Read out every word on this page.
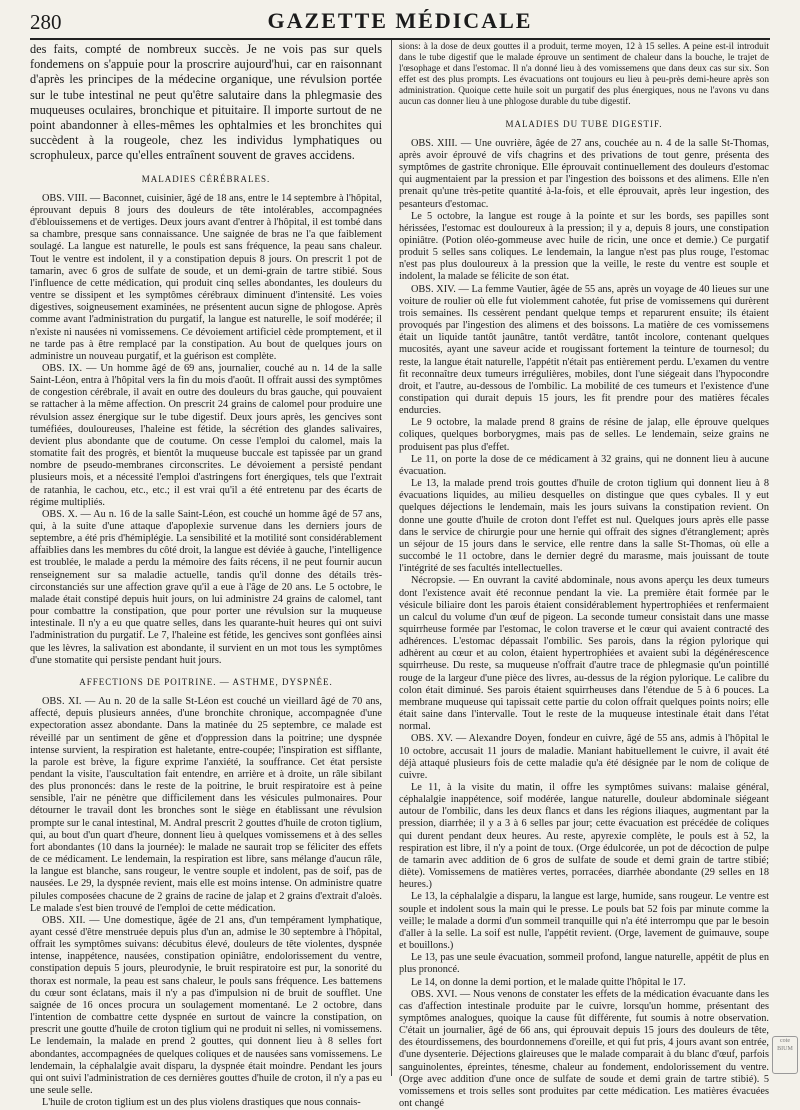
280	GAZETTE MÉDICALE

des faits, compté de nombreux succès. Je ne vois pas sur quels fondemens on s'appuie pour la proscrire aujourd'hui, car en raisonnant d'après les principes de la médecine organique, une révulsion portée sur le tube intestinal ne peut qu'être salutaire dans la phlegmasie des muqueuses oculaires, bronchique et pituitaire. Il importe surtout de ne point abandonner à elles-mêmes les ophtalmies et les bronchites qui succèdent à la rougeole, chez les individus lymphatiques ou scrophuleux, parce qu'elles entraînent souvent de graves accidens.

MALADIES CÉRÉBRALES.

OBS. VIII. — Baconnet, cuisinier, âgé de 18 ans, entre le 14 septembre à l'hôpital, éprouvant depuis 8 jours des douleurs de tête intolérables, accompagnées d'éblouissemens et de vertiges. Deux jours avant d'entrer à l'hôpital, il est tombé dans sa chambre, presque sans connaissance. Une saignée de bras ne l'a que faiblement soulagé. La langue est naturelle, le pouls est sans fréquence, la peau sans chaleur. Tout le ventre est indolent, il y a constipation depuis 8 jours. On prescrit 1 pot de tamarin, avec 6 gros de sulfate de soude, et un demi-grain de tartre stibié. Sous l'influence de cette médication, qui produit cinq selles abondantes, les douleurs du ventre se dissipent et les symptômes cérébraux diminuent d'intensité. Les voies digestives, soigneusement examinées, ne présentent aucun signe de phlogose. Après comme avant l'administration du purgatif, la langue est naturelle, le soif modérée; il n'existe ni nausées ni vomissemens. Ce dévoiement artificiel cède promptement, et il ne tarde pas à être remplacé par la constipation. Au bout de quelques jours on administre un nouveau purgatif, et la guérison est complète.

OBS. IX. — Un homme âgé de 69 ans, journalier, couché au n. 14 de la salle Saint-Léon, entra à l'hôpital vers la fin du mois d'août. Il offrait aussi des symptômes de congestion cérébrale, il avait en outre des douleurs du bras gauche, qui pouvaient se rattacher à la même affection. On prescrit 24 grains de calomel pour produire une révulsion assez énergique sur le tube digestif. Deux jours après, les gencives sont tuméfiées, douloureuses, l'haleine est fétide, la sécrétion des glandes salivaires, devient plus abondante que de coutume. On cesse l'emploi du calomel, mais la stomatite fait des progrès, et bientôt la muqueuse buccale est tapissée par un grand nombre de pseudo-membranes circonscrites. Le dévoiement a persisté pendant plusieurs mois, et a nécessité l'emploi d'astringens fort énergiques, tels que l'extrait de ratanhia, le cachou, etc., etc.; il est vrai qu'il a été entretenu par des écarts de régime multipliés.

OBS. X. — Au n. 16 de la salle Saint-Léon, est couché un homme âgé de 57 ans, qui, à la suite d'une attaque d'apoplexie survenue dans les derniers jours de septembre, a été pris d'hémiplégie. La sensibilité et la motilité sont considérablement affaiblies dans les membres du côté droit, la langue est déviée à gauche, l'intelligence est troublée, le malade a perdu la mémoire des faits récens, il ne peut fournir aucun renseignement sur sa maladie actuelle, tandis qu'il donne des détails très-circonstanciés sur une affection grave qu'il a eue à l'âge de 20 ans. Le 5 octobre, le malade était constipé depuis huit jours, on lui administre 24 grains de calomel, tant pour combattre la constipation, que pour porter une révulsion sur la muqueuse intestinale. Il n'y a eu que quatre selles, dans les quarante-huit heures qui ont suivi l'administration du purgatif. Le 7, l'haleine est fétide, les gencives sont gonflées ainsi que les lèvres, la salivation est abondante, il survient en un mot tous les symptômes d'une stomatite qui persiste pendant huit jours.

AFFECTIONS DE POITRINE. — ASTHME, DYSPNÉE.

OBS. XI. — Au n. 20 de la salle St-Léon est couché un vieillard âgé de 70 ans, affecté, depuis plusieurs années, d'une bronchite chronique, accompagnée d'une expectoration assez abondante. Dans la matinée du 25 septembre, ce malade est réveillé par un sentiment de gêne et d'oppression dans la poitrine; une dyspnée intense survient, la respiration est haletante, entre-coupée; l'inspiration est sifflante, la parole est brève, la figure exprime l'anxiété, la souffrance. Cet état persiste pendant la visite, l'auscultation fait entendre, en arrière et à droite, un râle sibilant des plus prononcés: dans le reste de la poitrine, le bruit respiratoire est à peine sensible, l'air ne pénètre que difficilement dans les vésicules pulmonaires. Pour détourner le travail dont les bronches sont le siège en établissant une révulsion prompte sur le canal intestinal, M. Andral prescrit 2 gouttes d'huile de croton tiglium, qui, au bout d'un quart d'heure, donnent lieu à quelques vomissemens et à des selles fort abondantes (10 dans la journée): le malade ne saurait trop se féliciter des effets de ce médicament. Le lendemain, la respiration est libre, sans mélange d'aucun râle, la langue est blanche, sans rougeur, le ventre souple et indolent, pas de soif, pas de nausées. Le 29, la dyspnée revient, mais elle est moins intense. On administre quatre pilules composées chacune de 2 grains de racine de jalap et 2 grains d'extrait d'aloès. Le malade s'est bien trouvé de l'emploi de cette médication.

OBS. XII. — Une domestique, âgée de 21 ans, d'un tempérament lymphatique, ayant cessé d'être menstruée depuis plus d'un an, admise le 30 septembre à l'hôpital, offrait les symptômes suivans: décubitus élevé, douleurs de tête violentes, dyspnée intense, inappétence, nausées, constipation opiniâtre, endolorissement du ventre, constipation depuis 5 jours, pleurodynie, le bruit respiratoire est pur, la sonorité du thorax est normale, la peau est sans chaleur, le pouls sans fréquence. Les battemens du cœur sont éclatans, mais il n'y a pas d'impulsion ni de bruit de soufflet. Une saignée de 16 onces procura un soulagement momentané. Le 2 octobre, dans l'intention de combattre cette dyspnée en surtout de vaincre la constipation, on prescrit une goutte d'huile de croton tiglium qui ne produit ni selles, ni vomissemens. Le lendemain, la malade en prend 2 gouttes, qui donnent lieu à 8 selles fort abondantes, accompagnées de quelques coliques et de nausées sans vomissemens. Le lendemain, la céphalalgie avait disparu, la dyspnée était moindre. Pendant les jours qui ont suivi l'administration de ces dernières gouttes d'huile de croton, il n'y a pas eu une seule selle.

L'huile de croton tiglium est un des plus violens drastiques que nous connais-

sions: à la dose de deux gouttes il a produit, terme moyen, 12 à 15 selles. A peine est-il introduit dans le tube digestif que le malade éprouve un sentiment de chaleur dans la bouche, le trajet de l'œsophage et dans l'estomac. Il n'a donné lieu à des vomissemens que dans deux cas sur six. Son effet est des plus prompts. Les évacuations ont toujours eu lieu à peu-près demi-heure après son administration. Quoique cette huile soit un purgatif des plus énergiques, nous ne l'avons vu dans aucun cas donner lieu à une phlogose durable du tube digestif.

MALADIES DU TUBE DIGESTIF.

OBS. XIII. — Une ouvrière, âgée de 27 ans, couchée au n. 4 de la salle St-Thomas, après avoir éprouvé de vifs chagrins et des privations de tout genre, présenta des symptômes de gastrite chronique. Elle éprouvait continuellement des douleurs d'estomac qui augmentaient par la pression et par l'ingestion des boissons et des alimens. Elle n'en prenait qu'une très-petite quantité à-la-fois, et elle éprouvait, après leur ingestion, des pesanteurs d'estomac.

Le 5 octobre, la langue est rouge à la pointe et sur les bords, ses papilles sont hérissées, l'estomac est douloureux à la pression; il y a, depuis 8 jours, une constipation opiniâtre. (Potion oléo-gommeuse avec huile de ricin, une once et demie.) Ce purgatif produit 5 selles sans coliques. Le lendemain, la langue n'est pas plus rouge, l'estomac n'est pas plus douloureux à la pression que la veille, le reste du ventre est souple et indolent, la malade se félicite de son état.

OBS. XIV. — La femme Vautier, âgée de 55 ans, après un voyage de 40 lieues sur une voiture de roulier où elle fut violemment cahotée, fut prise de vomissemens qui durèrent trois semaines. Ils cessèrent pendant quelque temps et reparurent ensuite; ils étaient provoqués par l'ingestion des alimens et des boissons. La matière de ces vomissemens était un liquide tantôt jaunâtre, tantôt verdâtre, tantôt incolore, contenant quelques mucosités, ayant une saveur acide et rougissant fortement la teinture de tournesol; du reste, la langue était naturelle, l'appétit n'était pas entièrement perdu. L'examen du ventre fit reconnaître deux tumeurs irrégulières, mobiles, dont l'une siégeait dans l'hypocondre droit, et l'autre, au-dessous de l'ombilic. La mobilité de ces tumeurs et l'existence d'une constipation qui durait depuis 15 jours, les fit prendre pour des matières fécales endurcies.

Le 9 octobre, la malade prend 8 grains de résine de jalap, elle éprouve quelques coliques, quelques borborygmes, mais pas de selles. Le lendemain, seize grains ne produisent pas plus d'effet.

Le 11, on porte la dose de ce médicament à 32 grains, qui ne donnent lieu à aucune évacuation.

Le 13, la malade prend trois gouttes d'huile de croton tiglium qui donnent lieu à 8 évacuations liquides, au milieu desquelles on distingue que ques cybales. Il y eut quelques déjections le lendemain, mais les jours suivans la constipation revient. On donne une goutte d'huile de croton dont l'effet est nul. Quelques jours après elle passe dans le service de chirurgie pour une hernie qui offrait des signes d'étranglement; après un séjour de 15 jours dans le service, elle rentre dans la salle St-Thomas, où elle a succombé le 11 octobre, dans le dernier degré du marasme, mais jouissant de toute l'intégrité de ses facultés intellectuelles.

Nécropsie. — En ouvrant la cavité abdominale, nous avons aperçu les deux tumeurs dont l'existence avait été reconnue pendant la vie. La première était formée par le vésicule biliaire dont les parois étaient considérablement hypertrophiées et renfermaient un calcul du volume d'un œuf de pigeon. La seconde tumeur consistait dans une masse squirrheuse formée par l'estomac, le colon traverse et le cœur qui avaient contracté des adhérences. L'estomac dépassait l'ombilic. Ses parois, dans la région pylorique qui adhèrent au cœur et au colon, étaient hypertrophiées et avaient subi la dégénérescence squirrheuse. Du reste, sa muqueuse n'offrait d'autre trace de phlegmasie qu'un pointillé rouge de la largeur d'une pièce des livres, au-dessus de la région pylorique. Le calibre du colon était diminué. Ses parois étaient squirrheuses dans l'étendue de 5 à 6 pouces. La membrane muqueuse qui tapissait cette partie du colon offrait quelques points noirs; elle était saine dans l'intervalle. Tout le reste de la muqueuse intestinale était dans l'état normal.

OBS. XV. — Alexandre Doyen, fondeur en cuivre, âgé de 55 ans, admis à l'hôpital le 10 octobre, accusait 11 jours de maladie. Maniant habituellement le cuivre, il avait été déjà attaqué plusieurs fois de cette maladie qu'a été désignée par le nom de colique de cuivre.

Le 11, à la visite du matin, il offre les symptômes suivans: malaise général, céphalalgie inappétence, soif modérée, langue naturelle, douleur abdominale siégeant autour de l'ombilic, dans les deux flancs et dans les régions iliaques, augmentant par la pression, diarrhée; il y a 3 à 6 selles par jour; cette évacuation est précédée de coliques qui durent pendant deux heures. Au reste, apyrexie complète, le pouls est à 52, la respiration est libre, il n'y a point de toux. (Orge édulcorée, un pot de décoction de pulpe de tamarin avec addition de 6 gros de sulfate de soude et demi grain de tartre stibié; diète). Vomissemens de matières vertes, porracées, diarrhée abondante (29 selles en 18 heures.)

Le 13, la céphalalgie a disparu, la langue est large, humide, sans rougeur. Le ventre est souple et indolent sous la main qui le presse. Le pouls bat 52 fois par minute comme la veille; le malade a dormi d'un sommeil tranquille qui n'a été interrompu que par le besoin d'aller à la selle. La soif est nulle, l'appétit revient. (Orge, lavement de guimauve, soupe et bouillons.)

Le 13, pas une seule évacuation, sommeil profond, langue naturelle, appétit de plus en plus prononcé.

Le 14, on donne la demi portion, et le malade quitte l'hôpital le 17.

OBS. XVI. — Nous venons de constater les effets de la médication évacuante dans les cas d'affection intestinale produite par le cuivre, lorsqu'un homme, présentant des symptômes analogues, quoique la cause fût différente, fut soumis à notre observation. C'était un journalier, âgé de 66 ans, qui éprouvait depuis 15 jours des douleurs de tête, des étourdissemens, des bourdonnemens d'oreille, et qui fut pris, 4 jours avant son entrée, d'une dysenterie. Déjections glaireuses que le malade comparait à du blanc d'œuf, parfois sanguinolentes, épreintes, ténesme, chaleur au fondement, endolorissement du ventre. (Orge avec addition d'une once de sulfate de soude et demi grain de tartre stibié). 5 vomissemens et trois selles sont produites par cette médication. Les matières évacuées ont changé

cote BIUM
